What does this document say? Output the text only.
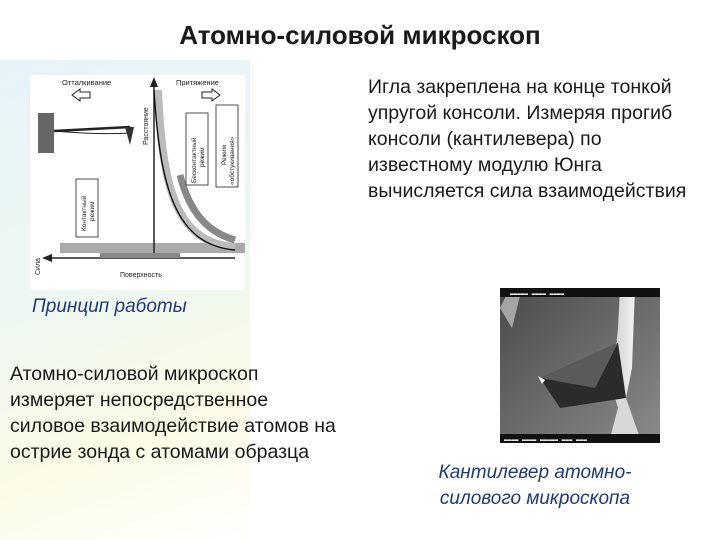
Атомно-силовой микроскоп
Игла закреплена на конце тонкой упругой консоли. Измеряя прогиб консоли (кантилевера) по известному модулю Юнга вычисляется сила взаимодействия
Отталкивание	Притяжение
Расстояние
Бесконтактный режим Режим «обстукивания»
Контактный режим
Сила
Поверхность
Принцип работы
Атомно-силовой микроскоп измеряет непосредственное силовое взаимодействие атомов на острие зонда с атомами образца
▬▬▬▬▬ ▬▬▬▬ ▬▬▬▬
▬▬▬▬ ▬▬▬▬ ▬▬▬▬▬ ▬▬▬ ▬▬▬
Кантилевер атомно-силового микроскопа
